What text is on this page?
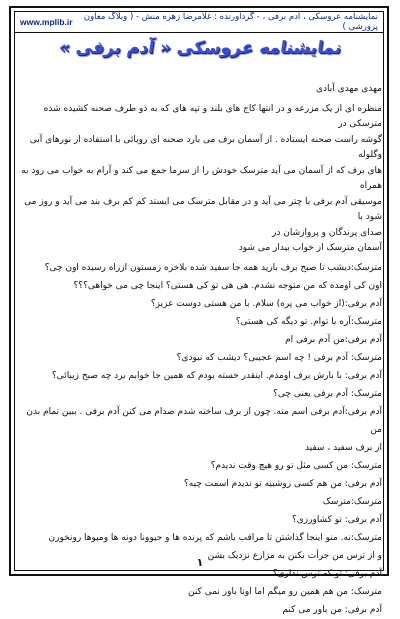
نمایشنامه عروسکی ، آدم برفی ، - گردآورنده : غلامرضا زهره منش - ( وبلاگ معاون پرورشی )
www.mplib.ir
نمایشنامه عروسکی « آدم برفی »

مهدی مهدی آبادی

منظره ای از یک مزرعه و در انتها کاج های بلند و تپه های که به دو طرف صحنه کشیده شده مترسکی در

گوشه راست صحنه ایستاده . از آسمان برف می بارد صحنه ای رویائی با استفاده از نورهای آبی وگلوله

های برف که از آسمان می آید مترسک خودش را از سرما جمع می کند و آرام به خواب می رود به همراه

موسیقی آدم برفی با چتر می آید و در مقابل مترسک می ایستد کم کم برف بند می آید و روز می شود با

صدای پرندگان و پروازشان در

آسمان مترسک از خواب بیدار می شود

مترسک:دیشب تا صبح برف بارید همه جا سفید شده بلاخره زمستون ازراه رسیده اون چی؟

اون کی اومده که من متوجه نشدم. هی هی تو کی هستی؟ اینجا چی می خواهی؟؟؟

آدم برفی:(از خواب می پره) سلام. با من هستی دوست عزیز؟

مترسک:آره با توام. تو دیگه کی هستی؟

آدم برفی:من آدم برفی ام

مترسک: آدم برفی ! چه اسم عجیبی؟ دیشب که نبودی؟

آدم برفی: با بارش برف اومدم. اینقدر خسته بودم که همین جا خوابم برد چه صبح زیبائی؟

مترسک: آدم برفی یعنی چی؟

آدم برفی:آدم برفی اسم منه. چون از برف ساخته شدم صدام می کنن آدم برفی . ببین تمام بدن من

از برف سفید ، سفید

مترسک: من کسی مثل تو رو هیچ وقت ندیدم؟

آدم برفی: من هم کسی روشبیه تو ندیدم اسمت چیه؟

مترسک:مترسک

آدم برفی: تو کشاورزی؟

مترسک:نه. منو اینجا گذاشتن تا مراقب باشم که پرنده ها و حیوونا دونه ها ومیوها رونخورن

و از ترس من جرأت نکنن به مزارع نزدیک بشن

آدم برفی: تو که ترس نداری؟

مترسک: من هم همین رو میگم اما اونا باور نمی کنن

آدم برفی: من باور می کنم

۱
